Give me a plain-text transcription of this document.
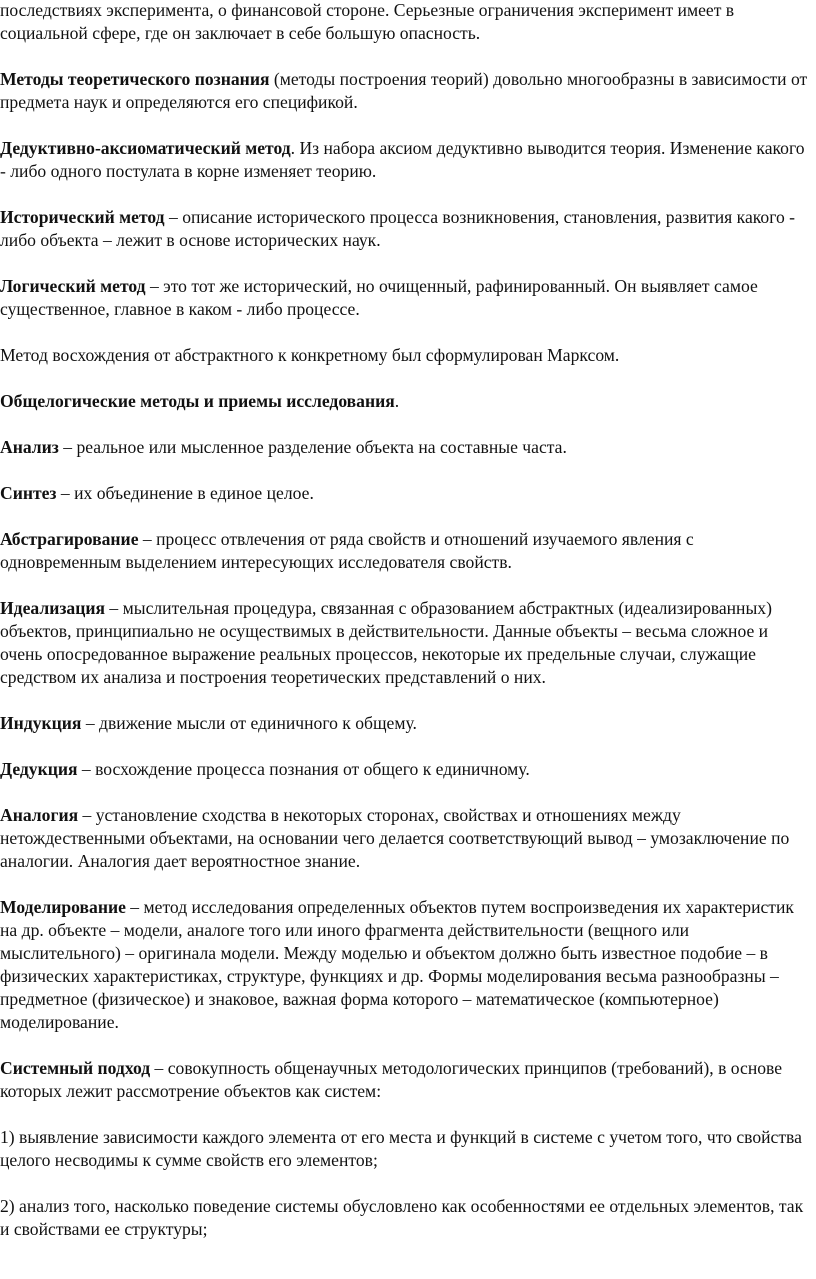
последствиях эксперимента, о финансовой стороне. Серьезные ограничения эксперимент имеет в социальной сфере, где он заключает в себе большую опасность.

Методы теоретического познания (методы построения теорий) довольно многообразны в зависимости от предмета наук и определяются его спецификой.

Дедуктивно-аксиоматический метод. Из набора аксиом дедуктивно выводится теория. Изменение какого - либо одного постулата в корне изменяет теорию.

Исторический метод – описание исторического процесса возникновения, становления, развития какого - либо объекта – лежит в основе исторических наук.

Логический метод – это тот же исторический, но очищенный, рафинированный. Он выявляет самое существенное, главное в каком - либо процессе.

Метод восхождения от абстрактного к конкретному был сформулирован Марксом.

Общелогические методы и приемы исследования.

Анализ – реальное или мысленное разделение объекта на составные часта.

Синтез – их объединение в единое целое.

Абстрагирование – процесс отвлечения от ряда свойств и отношений изучаемого явления с одновременным выделением интересующих исследователя свойств.

Идеализация – мыслительная процедура, связанная с образованием абстрактных (идеализированных) объектов, принципиально не осуществимых в действительности. Данные объекты – весьма сложное и очень опосредованное выражение реальных процессов, некоторые их предельные случаи, служащие средством их анализа и построения теоретических представлений о них.

Индукция – движение мысли от единичного к общему.

Дедукция – восхождение процесса познания от общего к единичному.

Аналогия – установление сходства в некоторых сторонах, свойствах и отношениях между нетождественными объектами, на основании чего делается соответствующий вывод – умозаключение по аналогии. Аналогия дает вероятностное знание.

Моделирование – метод исследования определенных объектов путем воспроизведения их характеристик на др. объекте – модели, аналоге того или иного фрагмента действительности (вещного или мыслительного) – оригинала модели. Между моделью и объектом должно быть известное подобие – в физических характеристиках, структуре, функциях и др. Формы моделирования весьма разнообразны –предметное (физическое) и знаковое, важная форма которого – математическое (компьютерное) моделирование.

Системный подход – совокупность общенаучных методологических принципов (требований), в основе которых лежит рассмотрение объектов как систем:

1) выявление зависимости каждого элемента от его места и функций в системе с учетом того, что свойства целого несводимы к сумме свойств его элементов;

2) анализ того, насколько поведение системы обусловлено как особенностями ее отдельных элементов, так и свойствами ее структуры;
